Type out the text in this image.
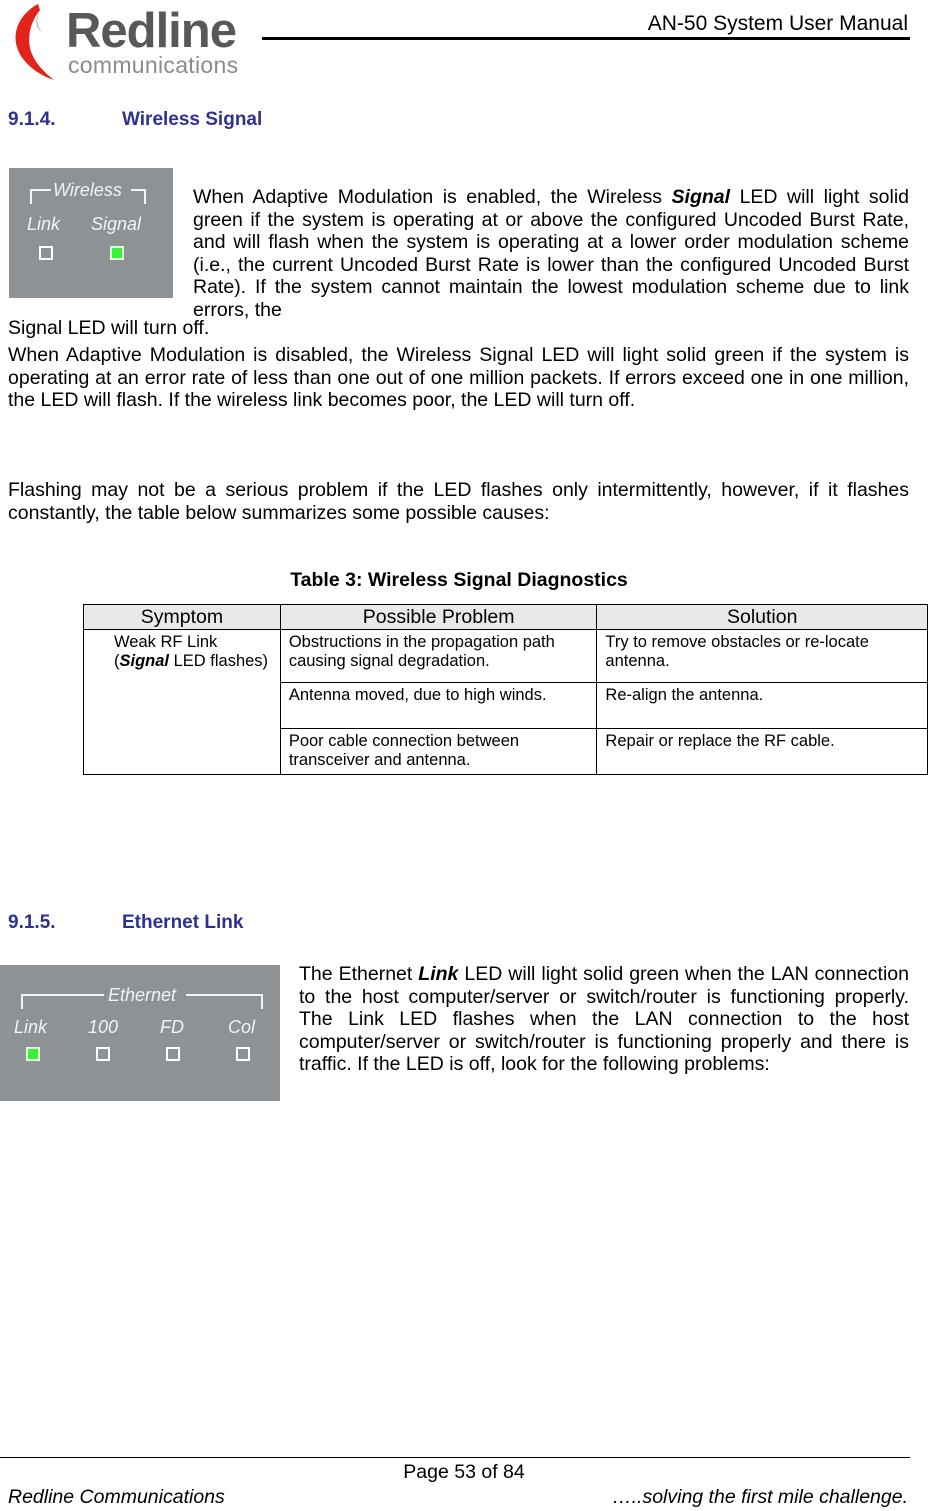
Redline
communications
AN-50 System User Manual
9.1.4.	Wireless Signal
Wireless
Link Signal

When Adaptive Modulation is enabled, the Wireless Signal LED will light solid green if the system is operating at or above the configured Uncoded Burst Rate, and will flash when the system is operating at a lower order modulation scheme (i.e., the current Uncoded Burst Rate is lower than the configured Uncoded Burst Rate). If the system cannot maintain the lowest modulation scheme due to link errors, the

Signal LED will turn off.

When Adaptive Modulation is disabled, the Wireless Signal LED will light solid green if the system is operating at an error rate of less than one out of one million packets. If errors exceed one in one million, the LED will flash. If the wireless link becomes poor, the LED will turn off.
Flashing may not be a serious problem if the LED flashes only intermittently, however, if it flashes constantly, the table below summarizes some possible causes:
Table 3: Wireless Signal Diagnostics
Symptom	Possible Problem	Solution
Weak RF Link (Signal LED flashes)	Obstructions in the propagation path causing signal degradation.	Try to remove obstacles or re-locate antenna.
	Antenna moved, due to high winds.	Re-align the antenna.
	Poor cable connection between transceiver and antenna.	Repair or replace the RF cable.
9.1.5.	Ethernet Link
Ethernet
Link 100 FD Col

The Ethernet Link LED will light solid green when the LAN connection to the host computer/server or switch/router is functioning properly. The Link LED flashes when the LAN connection to the host computer/server or switch/router is functioning properly and there is traffic. If the LED is off, look for the following problems:

Page 53 of 84
Redline Communications	…..solving the first mile challenge.
